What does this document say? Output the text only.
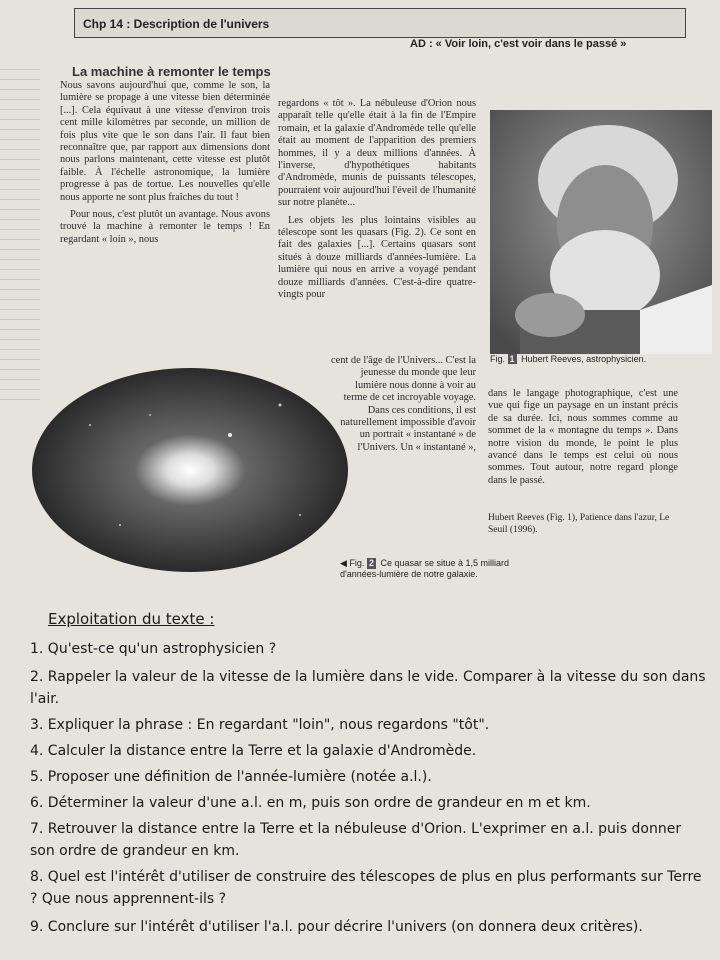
Chp 14 : Description de l'univers
AD : « Voir loin, c'est voir dans le passé »
La machine à remonter le temps

Nous savons aujourd'hui que, comme le son, la lumière se propage à une vitesse bien déterminée [...]. Cela équivaut à une vitesse d'environ trois cent mille kilomètres par seconde, un million de fois plus vite que le son dans l'air. Il faut bien reconnaître que, par rapport aux dimensions dont nous parlons maintenant, cette vitesse est plutôt faible. À l'échelle astronomique, la lumière progresse à pas de tortue. Les nouvelles qu'elle nous apporte ne sont plus fraîches du tout !

Pour nous, c'est plutôt un avantage. Nous avons trouvé la machine à remonter le temps ! En regardant « loin », nous

regardons « tôt ». La nébuleuse d'Orion nous apparaît telle qu'elle était à la fin de l'Empire romain, et la galaxie d'Andromède telle qu'elle était au moment de l'apparition des premiers hommes, il y a deux millions d'années. À l'inverse, d'hypothétiques habitants d'Andromède, munis de puissants télescopes, pourraient voir aujourd'hui l'éveil de l'humanité sur notre planète...

Les objets les plus lointains visibles au télescope sont les quasars (Fig. 2). Ce sont en fait des galaxies [...]. Certains quasars sont situés à douze milliards d'années-lumière. La lumière qui nous en arrive a voyagé pendant douze milliards d'années. C'est-à-dire quatre-vingts pour

cent de l'âge de l'Univers... C'est la jeunesse du monde que leur lumière nous donne à voir au terme de cet incroyable voyage. Dans ces conditions, il est naturellement impossible d'avoir un portrait « instantané » de l'Univers. Un « instantané »,

Fig. 1 Hubert Reeves, astrophysicien.
◀ Fig. 2 Ce quasar se situe à 1,5 milliard d'années-lumière de notre galaxie.

dans le langage photographique, c'est une vue qui fige un paysage en un instant précis de sa durée. Ici, nous sommes comme au sommet de la « montagne du temps ». Dans notre vision du monde, le point le plus avancé dans le temps est celui où nous sommes. Tout autour, notre regard plonge dans le passé.

Hubert Reeves (Fig. 1), Patience dans l'azur, Le Seuil (1996).
Exploitation du texte :
1. Qu'est-ce qu'un astrophysicien ?
2. Rappeler la valeur de la vitesse de la lumière dans le vide. Comparer à la vitesse du son dans l'air.
3. Expliquer la phrase : En regardant "loin", nous regardons "tôt".
4. Calculer la distance entre la Terre et la galaxie d'Andromède.
5. Proposer une définition de l'année-lumière (notée a.l.).
6. Déterminer la valeur d'une a.l. en m, puis son ordre de grandeur en m et km.
7. Retrouver la distance entre la Terre et la nébuleuse d'Orion. L'exprimer en a.l. puis donner son ordre de grandeur en km.
8. Quel est l'intérêt d'utiliser de construire des télescopes de plus en plus performants sur Terre ? Que nous apprennent-ils ?
9. Conclure sur l'intérêt d'utiliser l'a.l. pour décrire l'univers (on donnera deux critères).
